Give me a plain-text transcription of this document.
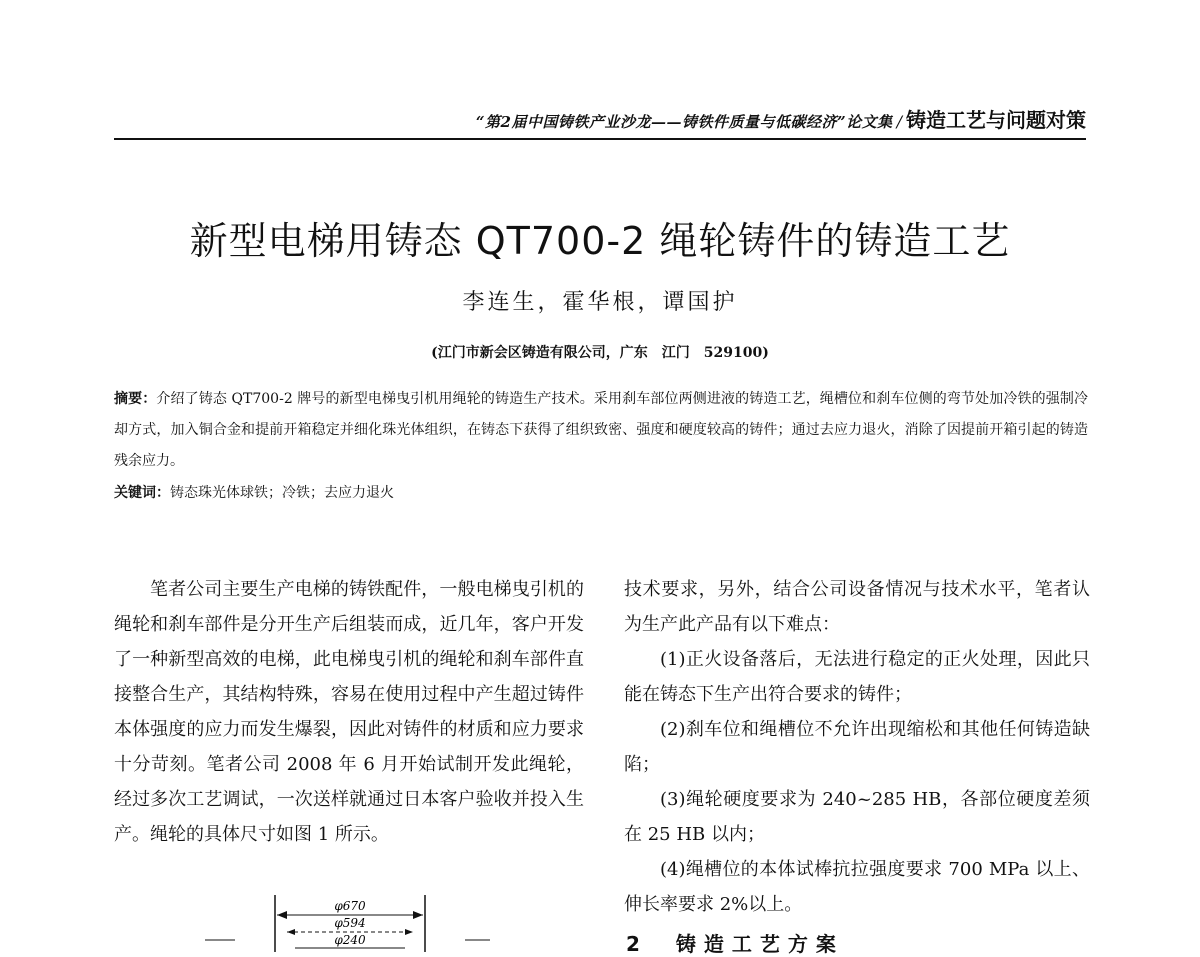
“第2届中国铸铁产业沙龙——铸铁件质量与低碳经济”论文集 / 铸造工艺与问题对策
新型电梯用铸态 QT700-2 绳轮铸件的铸造工艺
李连生，霍华根，谭国护
(江门市新会区铸造有限公司，广东　江门　529100)
摘要：介绍了铸态 QT700-2 牌号的新型电梯曳引机用绳轮的铸造生产技术。采用刹车部位两侧进液的铸造工艺，绳槽位和刹车位侧的弯节处加冷铁的强制冷却方式，加入铜合金和提前开箱稳定并细化珠光体组织，在铸态下获得了组织致密、强度和硬度较高的铸件；通过去应力退火，消除了因提前开箱引起的铸造残余应力。
关键词：铸态珠光体球铁；冷铁；去应力退火

笔者公司主要生产电梯的铸铁配件，一般电梯曳引机的绳轮和刹车部件是分开生产后组装而成，近几年，客户开发了一种新型高效的电梯，此电梯曳引机的绳轮和刹车部件直接整合生产，其结构特殊，容易在使用过程中产生超过铸件本体强度的应力而发生爆裂，因此对铸件的材质和应力要求十分苛刻。笔者公司 2008 年 6 月开始试制开发此绳轮，经过多次工艺调试，一次送样就通过日本客户验收并投入生产。绳轮的具体尺寸如图 1 所示。

技术要求，另外，结合公司设备情况与技术水平，笔者认为生产此产品有以下难点：

(1)正火设备落后，无法进行稳定的正火处理，因此只能在铸态下生产出符合要求的铸件；

(2)刹车位和绳槽位不允许出现缩松和其他任何铸造缺陷；

(3)绳轮硬度要求为 240~285 HB，各部位硬度差须在 25 HB 以内；

(4)绳槽位的本体试棒抗拉强度要求 700 MPa 以上、伸长率要求 2%以上。

φ670
φ594
φ240	2　铸造工艺方案
